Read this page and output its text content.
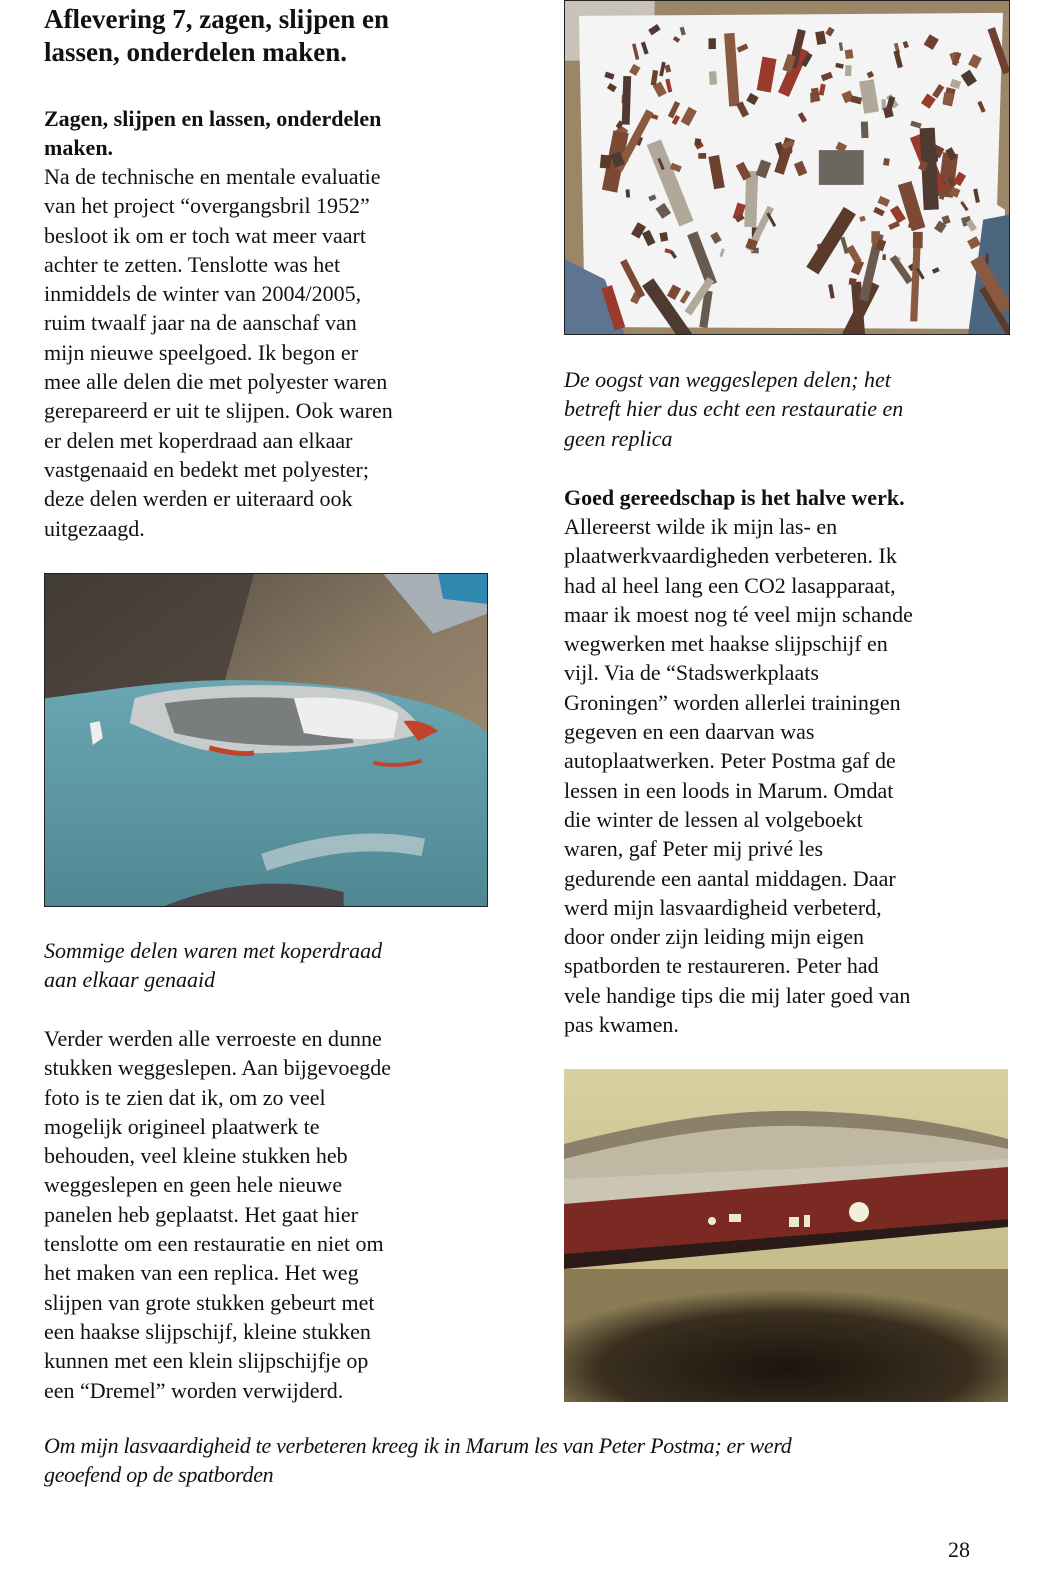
Aflevering 7, zagen, slijpen en
lassen, onderdelen maken.
Zagen, slijpen en lassen, onderdelen
maken.

Na de technische en mentale evaluatie
van het project “overgangsbril 1952”
besloot ik om er toch wat meer vaart
achter te zetten. Tenslotte was het
inmiddels de winter van 2004/2005,
ruim twaalf jaar na de aanschaf van
mijn nieuwe speelgoed. Ik begon er
mee alle delen die met polyester waren
gerepareerd er uit te slijpen. Ook waren
er delen met koperdraad aan elkaar
vastgenaaid en bedekt met polyester;
deze delen werden er uiteraard ook
uitgezaagd.

Sommige delen waren met koperdraad
aan elkaar genaaid

Verder werden alle verroeste en dunne
stukken weggeslepen. Aan bijgevoegde
foto is te zien dat ik, om zo veel
mogelijk origineel plaatwerk te
behouden, veel kleine stukken heb
weggeslepen en geen hele nieuwe
panelen heb geplaatst. Het gaat hier
tenslotte om een restauratie en niet om
het maken van een replica. Het weg
slijpen van grote stukken gebeurt met
een haakse slijpschijf, kleine stukken
kunnen met een klein slijpschijfje op
een “Dremel” worden verwijderd.

De oogst van weggeslepen delen; het
betreft hier dus echt een restauratie en
geen replica

Goed gereedschap is het halve werk.

Allereerst wilde ik mijn las- en
plaatwerkvaardigheden verbeteren. Ik
had al heel lang een CO2 lasapparaat,
maar ik moest nog té veel mijn schande
wegwerken met haakse slijpschijf en
vijl. Via de “Stadswerkplaats
Groningen” worden allerlei trainingen
gegeven en een daarvan was
autoplaatwerken. Peter Postma gaf de
lessen in een loods in Marum. Omdat
die winter de lessen al volgeboekt
waren, gaf Peter mij privé les
gedurende een aantal middagen. Daar
werd mijn lasvaardigheid verbeterd,
door onder zijn leiding mijn eigen
spatborden te restaureren. Peter had
vele handige tips die mij later goed van
pas kwamen.

Om mijn lasvaardigheid te verbeteren kreeg ik in Marum les van Peter Postma; er werd
geoefend op de spatborden

28
